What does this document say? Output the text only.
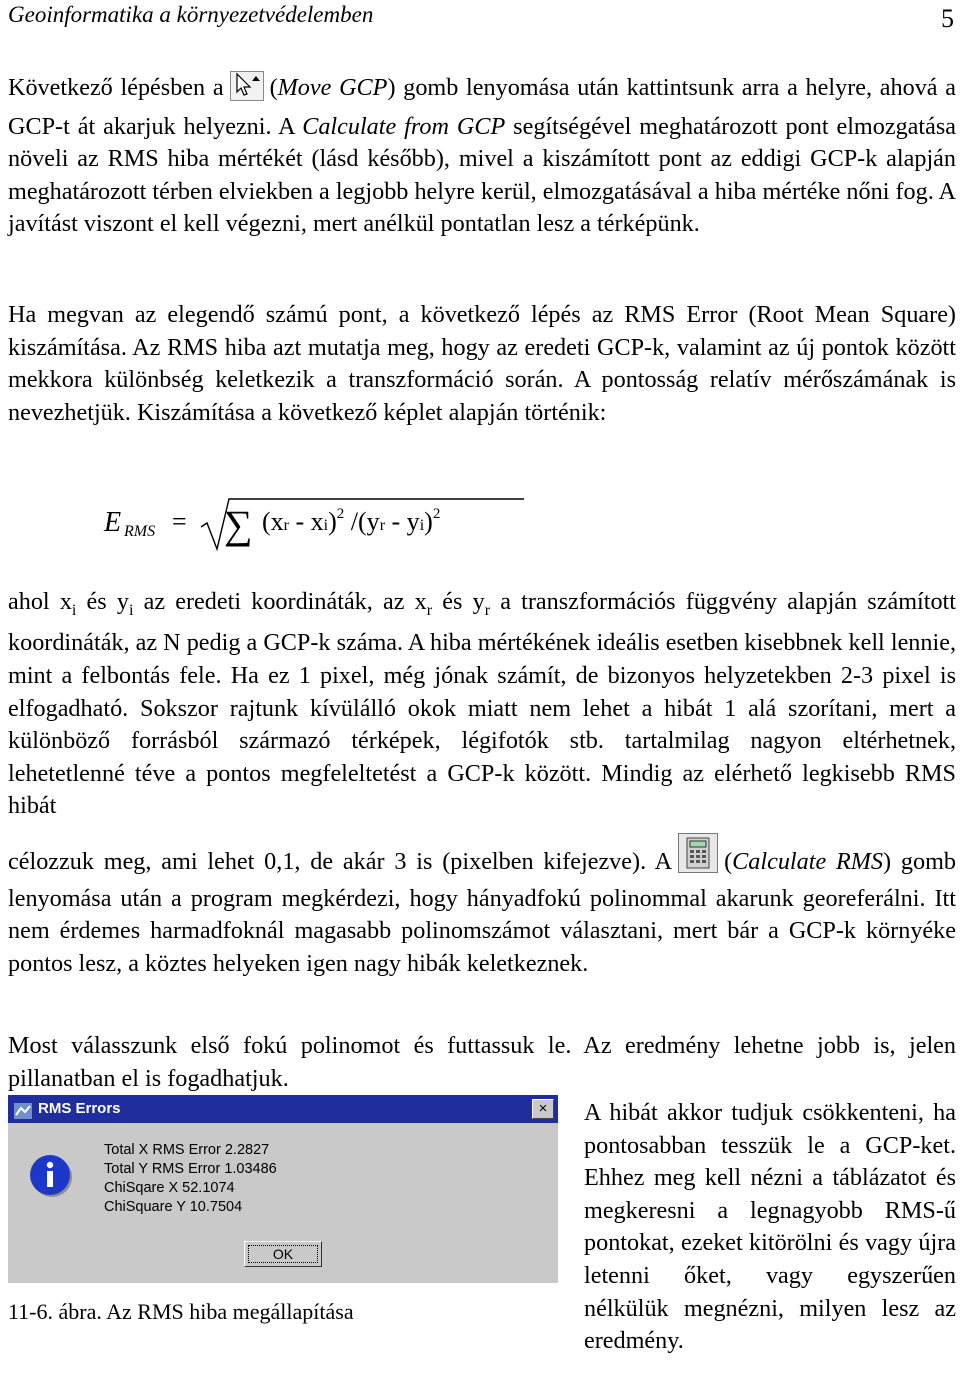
Geoinformatika a környezetvédelemben	5

Következő lépésben a (Move GCP) gomb lenyomása után kattintsunk arra a helyre, ahová a GCP-t át akarjuk helyezni. A Calculate from GCP segítségével meghatározott pont elmozgatása növeli az RMS hiba mértékét (lásd később), mivel a kiszámított pont az eddigi GCP-k alapján meghatározott térben elviekben a legjobb helyre kerül, elmozgatásával a hiba mértéke nőni fog. A javítást viszont el kell végezni, mert anélkül pontatlan lesz a térképünk.

Ha megvan az elegendő számú pont, a következő lépés az RMS Error (Root Mean Square) kiszámítása. Az RMS hiba azt mutatja meg, hogy az eredeti GCP-k, valamint az új pontok között mekkora különbség keletkezik a transzformáció során. A pontosság relatív mérőszámának is nevezhetjük. Kiszámítása a következő képlet alapján történik:

E RMS = ∑ (xr - xi)$^2$ /(yr - yi)$^2$

ahol $x_i$ és $y_i$ az eredeti koordináták, az $x_r$ és $y_r$ a transzformációs függvény alapján számított koordináták, az N pedig a GCP-k száma. A hiba mértékének ideális esetben kisebbnek kell lennie, mint a felbontás fele. Ha ez 1 pixel, még jónak számít, de bizonyos helyzetekben 2-3 pixel is elfogadható. Sokszor rajtunk kívülálló okok miatt nem lehet a hibát 1 alá szorítani, mert a különböző forrásból származó térképek, légifotók stb. tartalmilag nagyon eltérhetnek, lehetetlenné téve a pontos megfeleltetést a GCP-k között. Mindig az elérhető legkisebb RMS hibát

célozzuk meg, ami lehet 0,1, de akár 3 is (pixelben kifejezve). A (Calculate RMS) gomb lenyomása után a program megkérdezi, hogy hányadfokú polinommal akarunk georeferálni. Itt nem érdemes harmadfoknál magasabb polinomszámot választani, mert bár a GCP-k környéke pontos lesz, a köztes helyeken igen nagy hibák keletkeznek.

Most válasszunk első fokú polinomot és futtassuk le. Az eredmény lehetne jobb is, jelen pillanatban el is fogadhatjuk.

RMS Errors	×
Total X RMS Error 2.2827
Total Y RMS Error 1.03486
ChiSqare X 52.1074
ChiSquare Y 10.7504
OK
11-6. ábra. Az RMS hiba megállapítása

A hibát akkor tudjuk csökkenteni, ha pontosabban tesszük le a GCP-ket. Ehhez meg kell nézni a táblázatot és megkeresni a legnagyobb RMS-ű pontokat, ezeket kitörölni és vagy újra letenni őket, vagy egyszerűen nélkülük megnézni, milyen lesz az eredmény.
